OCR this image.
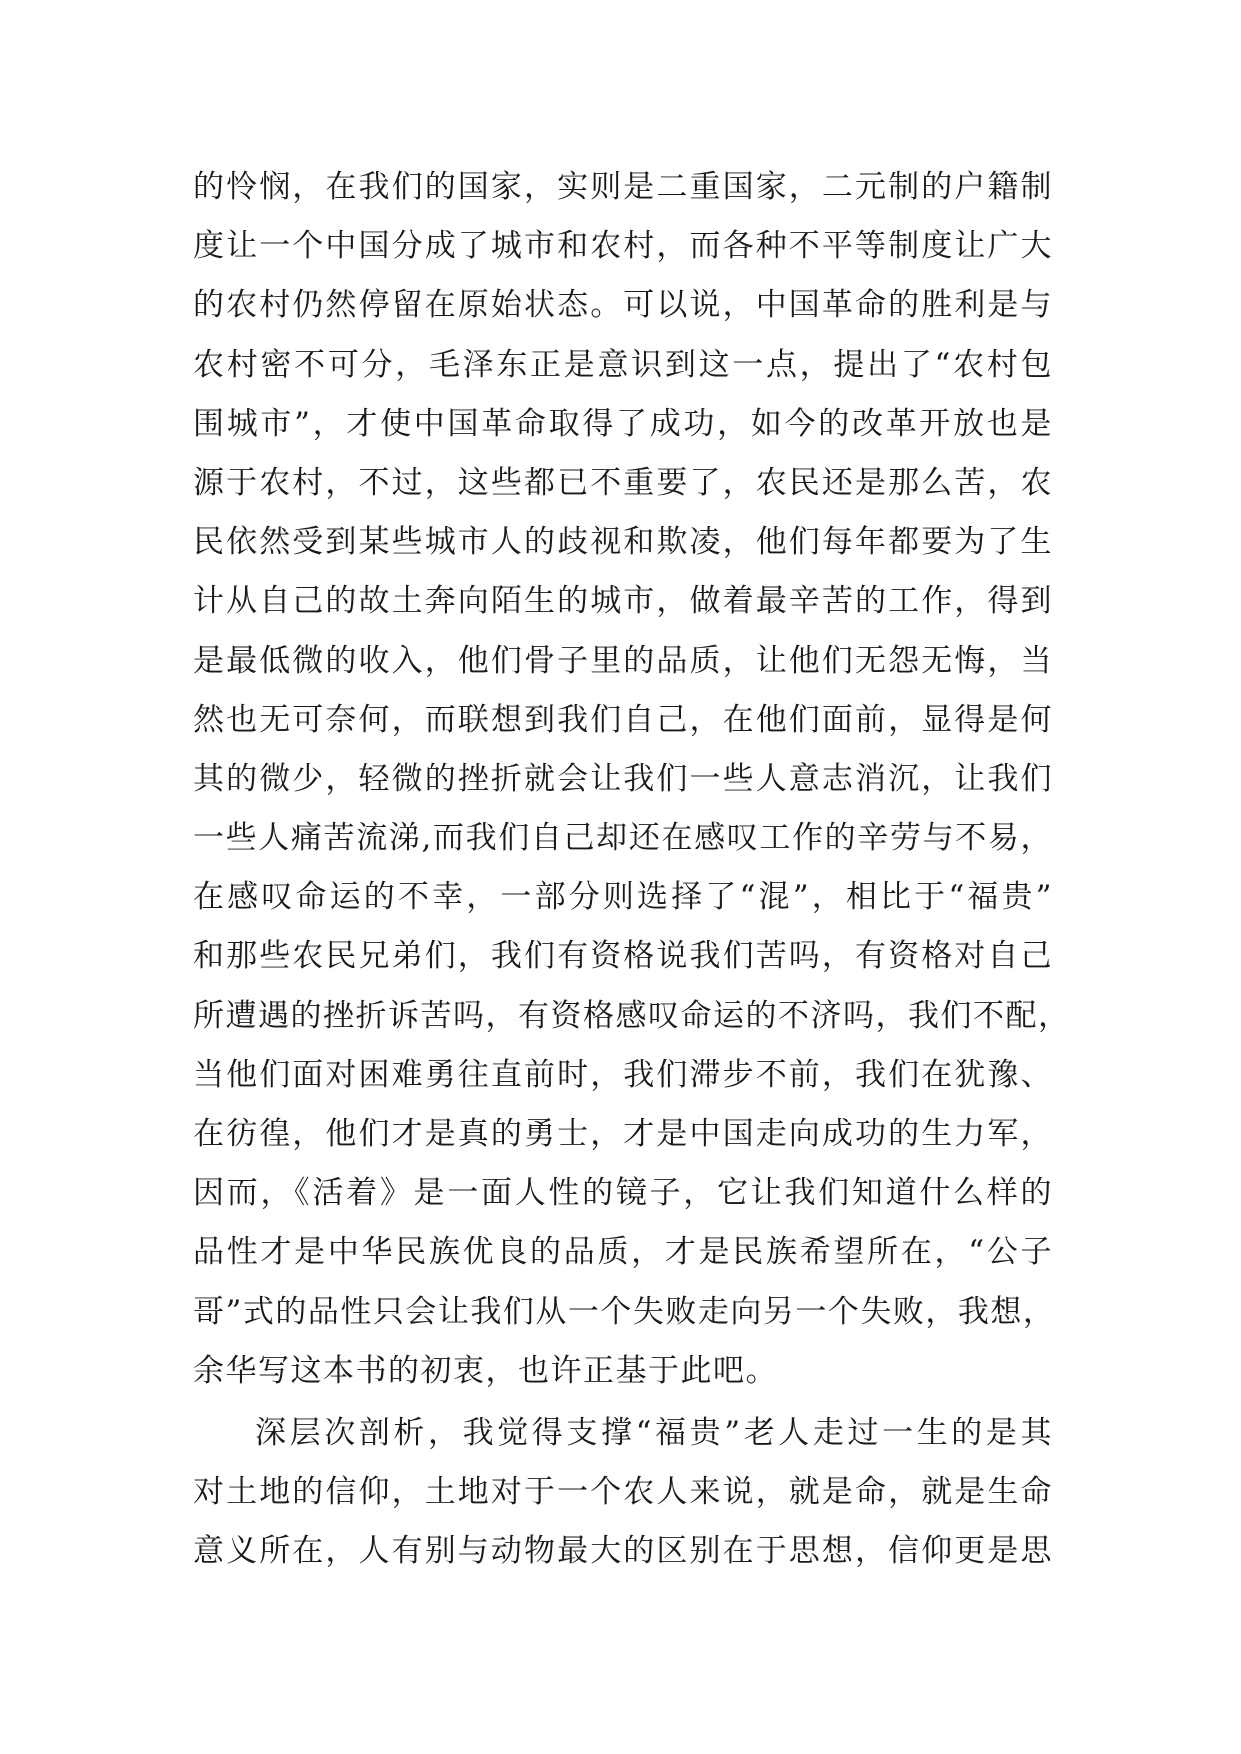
的怜悯，在我们的国家，实则是二重国家，二元制的户籍制
度让一个中国分成了城市和农村，而各种不平等制度让广大
的农村仍然停留在原始状态。可以说，中国革命的胜利是与
农村密不可分，毛泽东正是意识到这一点，提出了“农村包
围城市”，才使中国革命取得了成功，如今的改革开放也是
源于农村，不过，这些都已不重要了，农民还是那么苦，农
民依然受到某些城市人的歧视和欺凌，他们每年都要为了生
计从自己的故土奔向陌生的城市，做着最辛苦的工作，得到
是最低微的收入，他们骨子里的品质，让他们无怨无悔，当
然也无可奈何，而联想到我们自己，在他们面前，显得是何
其的微少，轻微的挫折就会让我们一些人意志消沉，让我们
一些人痛苦流涕,而我们自己却还在感叹工作的辛劳与不易，
在感叹命运的不幸，一部分则选择了“混”，相比于“福贵”
和那些农民兄弟们，我们有资格说我们苦吗，有资格对自己
所遭遇的挫折诉苦吗，有资格感叹命运的不济吗，我们不配，
当他们面对困难勇往直前时，我们滞步不前，我们在犹豫、
在彷徨，他们才是真的勇士，才是中国走向成功的生力军，
因而，《活着》是一面人性的镜子，它让我们知道什么样的
品性才是中华民族优良的品质，才是民族希望所在，“公子
哥”式的品性只会让我们从一个失败走向另一个失败，我想，
余华写这本书的初衷，也许正基于此吧。
深层次剖析，我觉得支撑“福贵”老人走过一生的是其
对土地的信仰，土地对于一个农人来说，就是命，就是生命
意义所在，人有别与动物最大的区别在于思想，信仰更是思
